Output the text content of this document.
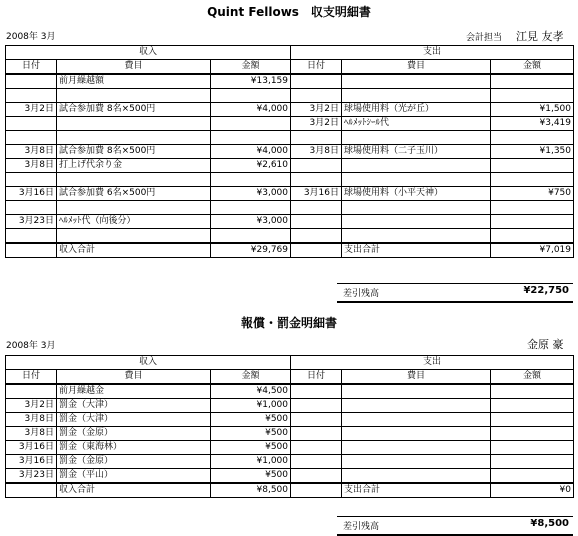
Quint Fellows　収支明細書
2008年 3月	会計担当 江見 友孝
収入			支出		
日付	費目	金額	日付	費目	金額
	前月繰越額	¥13,159			

3月2日	試合参加費 8名×500円	¥4,000	3月2日	球場使用料（光が丘）	¥1,500
			3月2日	ﾍﾙﾒｯﾄｼｰﾙ代	¥3,419

3月8日	試合参加費 8名×500円	¥4,000	3月8日	球場使用料（二子玉川）	¥1,350
3月8日	打上げ代余り金	¥2,610			

3月16日	試合参加費 6名×500円	¥3,000	3月16日	球場使用料（小平天神）	¥750

3月23日	ﾍﾙﾒｯﾄ代（向後分）	¥3,000			

	収入合計	¥29,769		支出合計	¥7,019
差引残高	¥22,750
報償・罰金明細書
2008年 3月	金原 豪
収入			支出		
日付	費目	金額	日付	費目	金額
	前月繰越金	¥4,500			
3月2日	罰金（大津）	¥1,000			
3月8日	罰金（大津）	¥500			
3月8日	罰金（金原）	¥500			
3月16日	罰金（東海林）	¥500			
3月16日	罰金（金原）	¥1,000			
3月23日	罰金（平山）	¥500			
	収入合計	¥8,500		支出合計	¥0
差引残高	¥8,500
